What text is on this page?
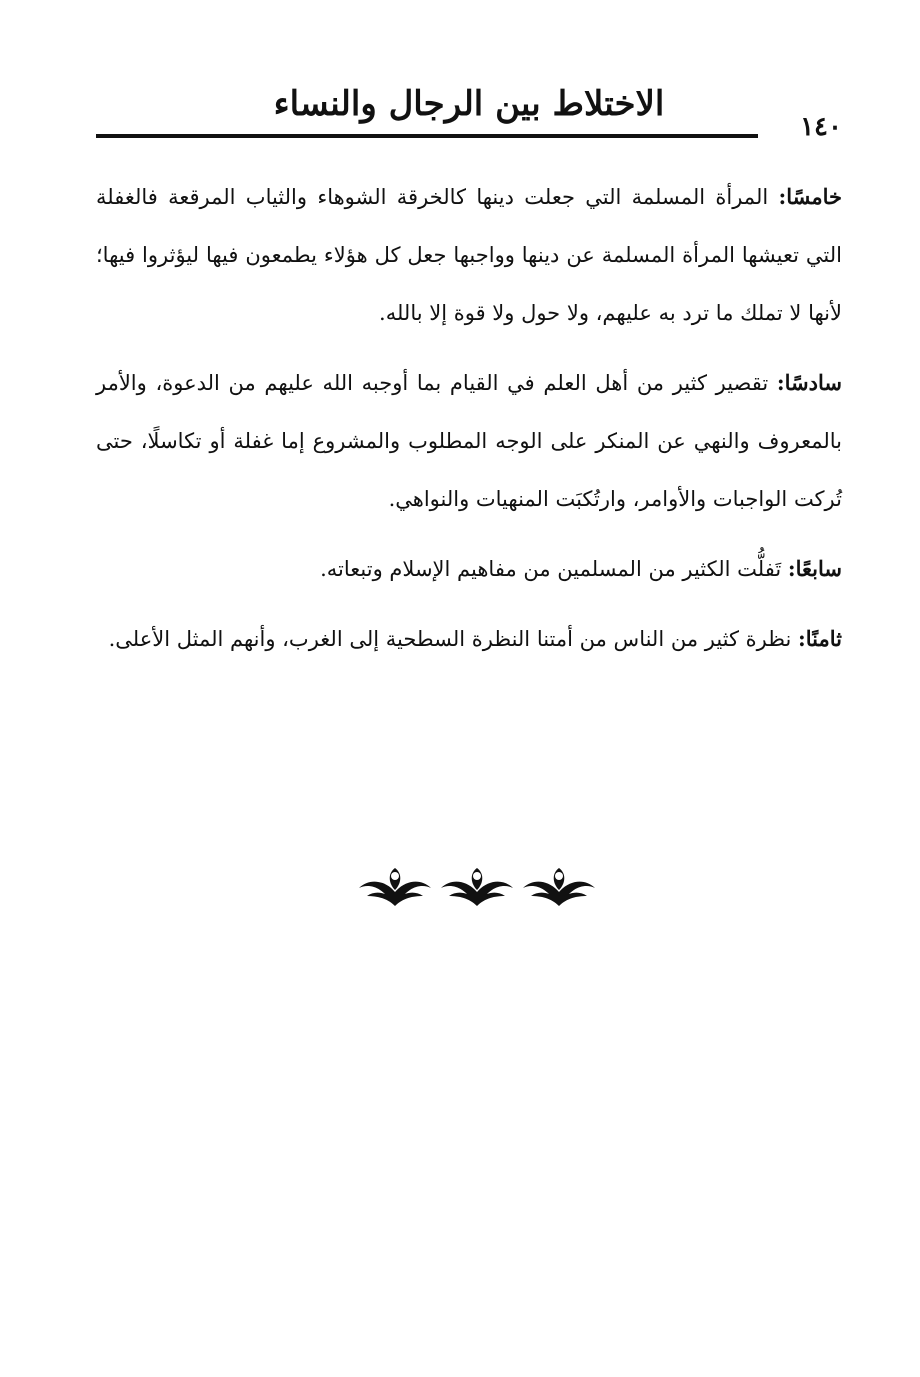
الاختلاط بين الرجال والنساء
١٤٠

خامسًا: المرأة المسلمة التي جعلت دينها كالخرقة الشوهاء والثياب المرقعة فالغفلة التي تعيشها المرأة المسلمة عن دينها وواجبها جعل كل هؤلاء يطمعون فيها ليؤثروا فيها؛ لأنها لا تملك ما ترد به عليهم، ولا حول ولا قوة إلا بالله.

سادسًا: تقصير كثير من أهل العلم في القيام بما أوجبه الله عليهم من الدعوة، والأمر بالمعروف والنهي عن المنكر على الوجه المطلوب والمشروع إما غفلة أو تكاسلًا، حتى تُركت الواجبات والأوامر، وارتُكبَت المنهيات والنواهي.

سابعًا: تَفلُّت الكثير من المسلمين من مفاهيم الإسلام وتبعاته.

ثامنًا: نظرة كثير من الناس من أمتنا النظرة السطحية إلى الغرب، وأنهم المثل الأعلى.
